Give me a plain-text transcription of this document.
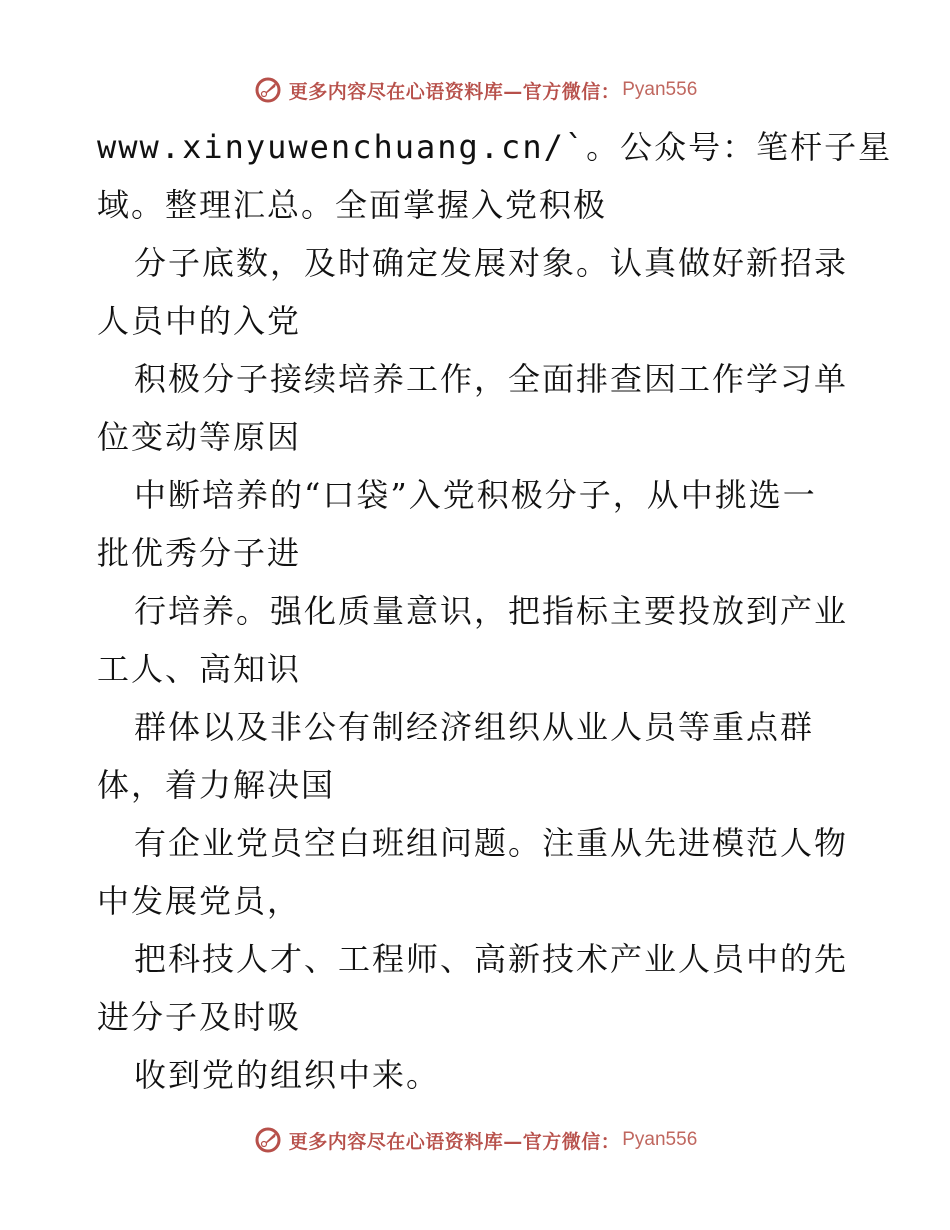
更多内容尽在心语资料库—官方微信： Pyan556
www.xinyuwenchuang.cn/`。公众号：笔杆子星
域。整理汇总。全面掌握入党积极
分子底数，及时确定发展对象。认真做好新招录
人员中的入党
积极分子接续培养工作，全面排查因工作学习单
位变动等原因
中断培养的“口袋”入党积极分子，从中挑选一
批优秀分子进
行培养。强化质量意识，把指标主要投放到产业
工人、高知识
群体以及非公有制经济组织从业人员等重点群
体，着力解决国
有企业党员空白班组问题。注重从先进模范人物
中发展党员，
把科技人才、工程师、高新技术产业人员中的先
进分子及时吸
收到党的组织中来。
更多内容尽在心语资料库—官方微信： Pyan556
